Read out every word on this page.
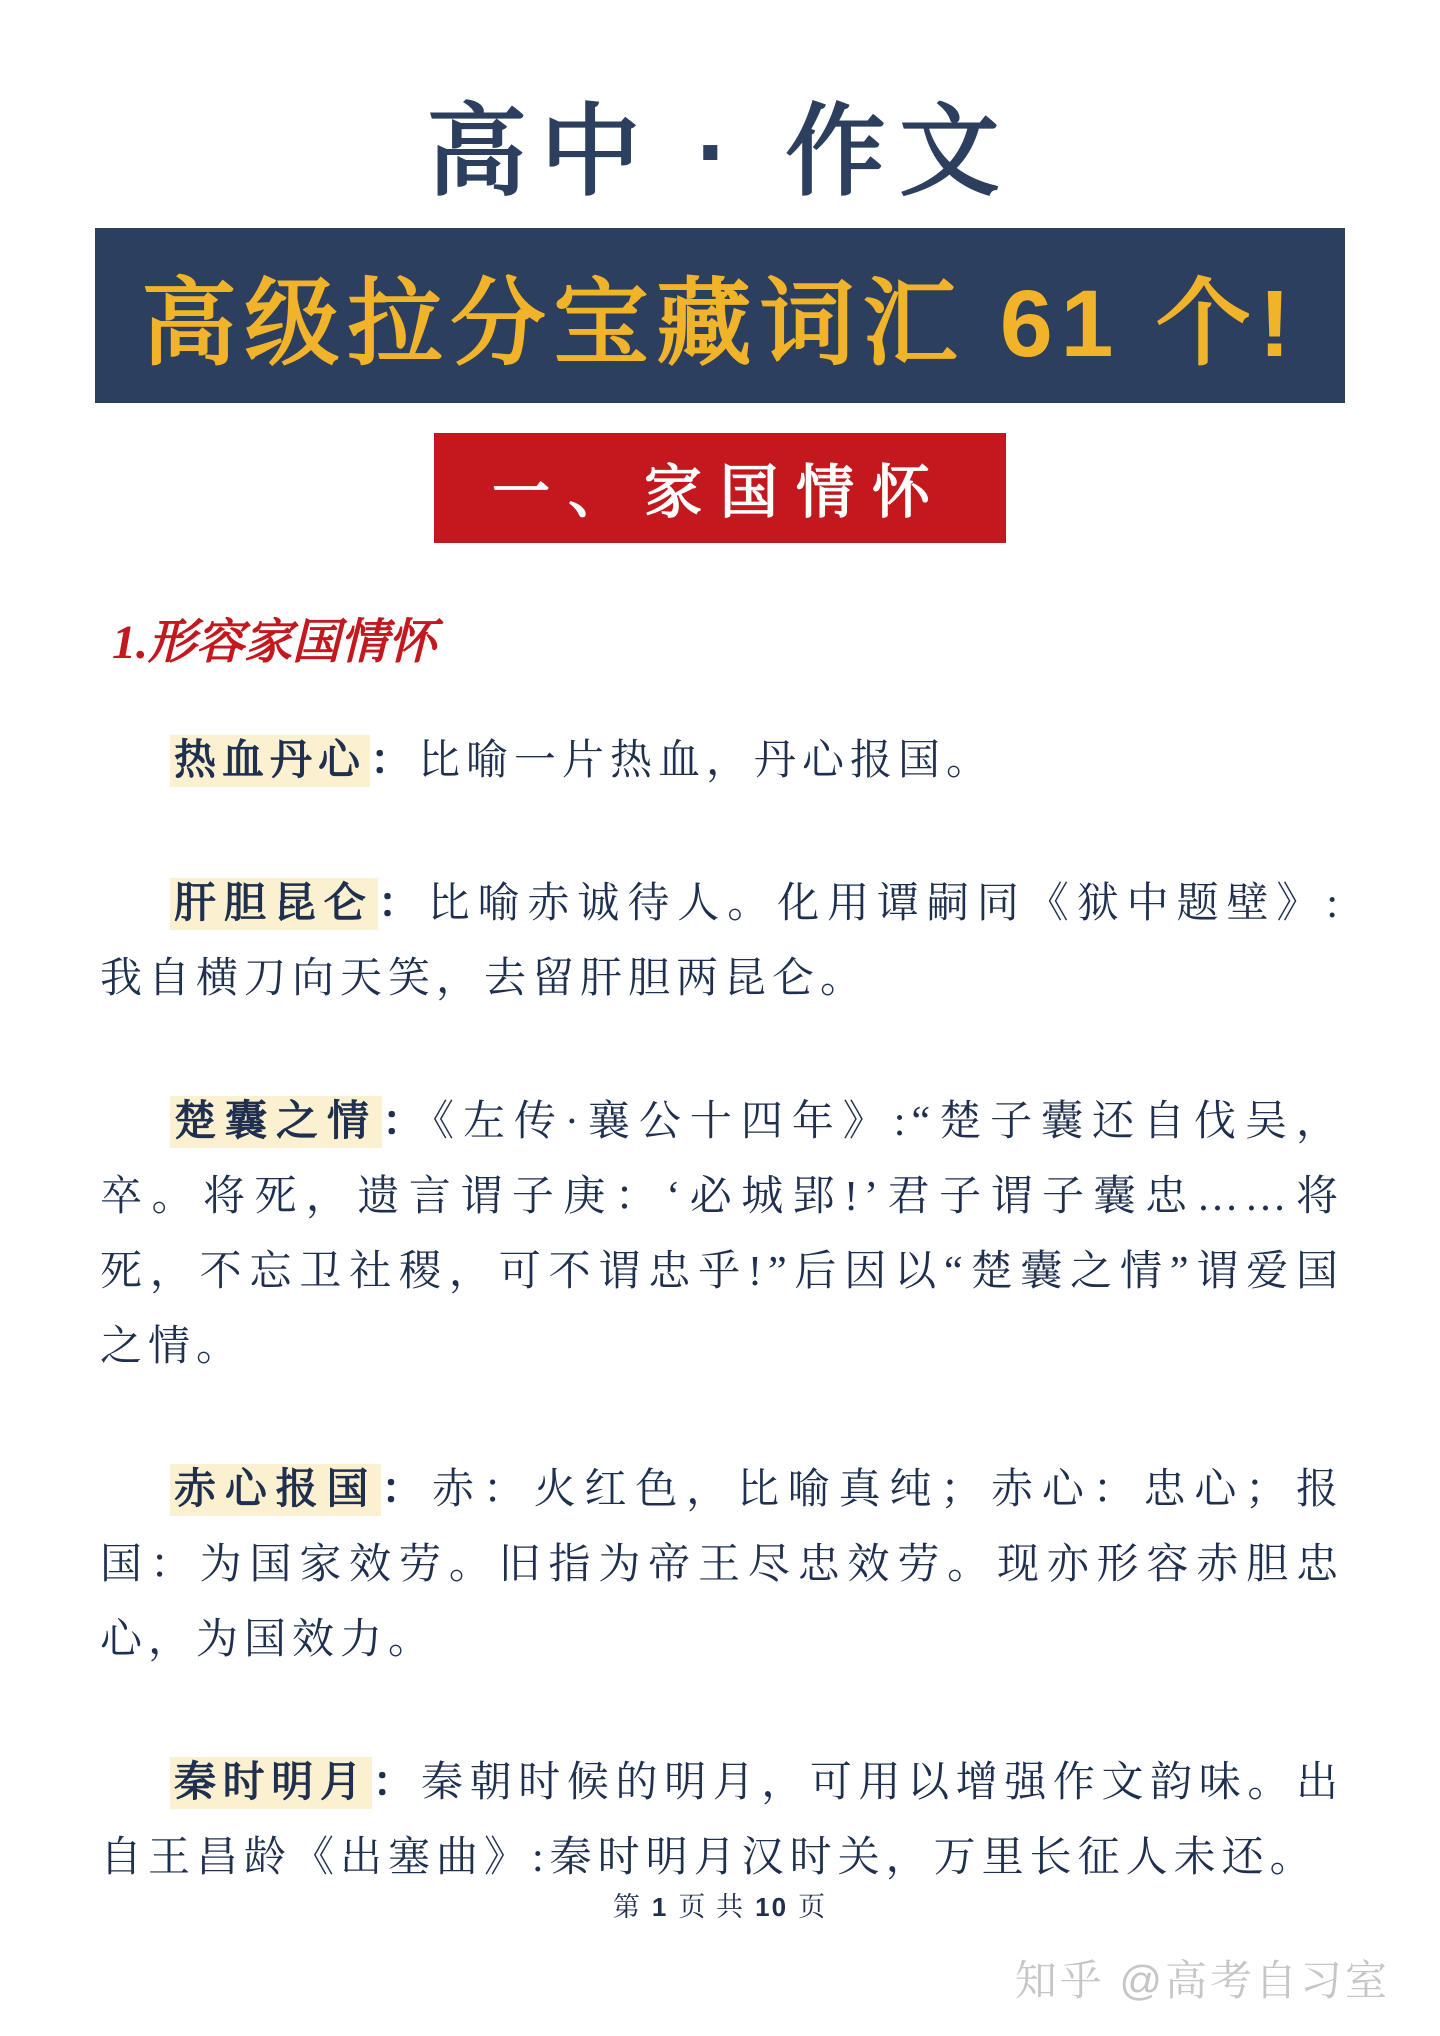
高中 · 作文
高级拉分宝藏词汇 61 个!
一、家国情怀
1.形容家国情怀

热血丹心：比喻一片热血，丹心报国。

肝胆昆仑：比喻赤诚待人。化用谭嗣同《狱中题壁》:我自横刀向天笑，去留肝胆两昆仑。

楚囊之情：《左传·襄公十四年》:“楚子囊还自伐吴，卒。将死，遗言谓子庚：‘必城郢!’君子谓子囊忠……将死，不忘卫社稷，可不谓忠乎!”后因以“楚囊之情”谓爱国之情。

赤心报国：赤：火红色，比喻真纯；赤心：忠心；报国：为国家效劳。旧指为帝王尽忠效劳。现亦形容赤胆忠心，为国效力。

秦时明月：秦朝时候的明月，可用以增强作文韵味。出自王昌龄《出塞曲》:秦时明月汉时关，万里长征人未还。

第 1 页 共 10 页
知乎 @高考自习室
